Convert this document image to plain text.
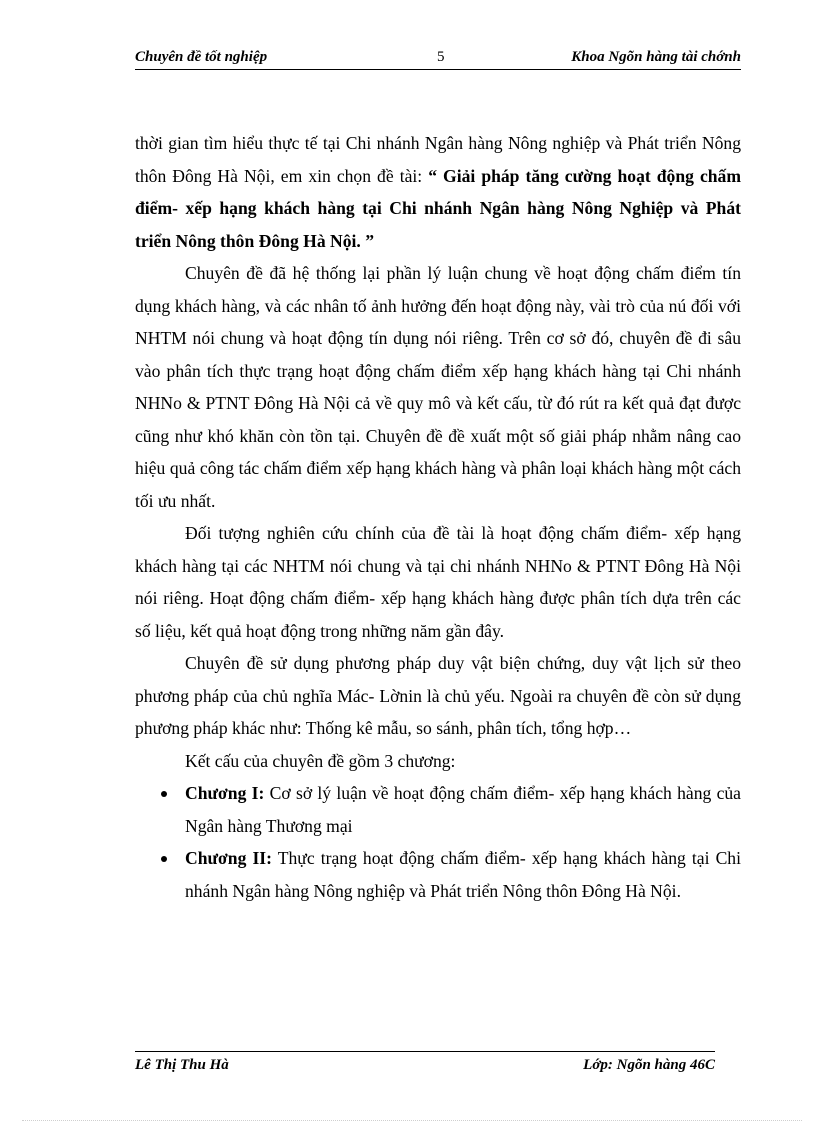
Chuyên đề tốt nghiệp	5	Khoa Ngõn hàng tài chớnh

thời gian tìm hiểu thực tế tại Chi nhánh Ngân hàng Nông nghiệp và Phát triển Nông thôn Đông Hà Nội, em xin chọn đề tài: “ Giải pháp tăng cường hoạt động chấm điểm- xếp hạng khách hàng tại Chi nhánh Ngân hàng Nông Nghiệp và Phát triển Nông thôn Đông Hà Nội. ”

Chuyên đề đã hệ thống lại phần lý luận chung về hoạt động chấm điểm tín dụng khách hàng, và các nhân tố ảnh hưởng đến hoạt động này, vài trò của nú đối với NHTM nói chung và hoạt động tín dụng nói riêng. Trên cơ sở đó, chuyên đề đi sâu vào phân tích thực trạng hoạt động chấm điểm xếp hạng khách hàng tại Chi nhánh NHNo & PTNT Đông Hà Nội cả về quy mô và kết cấu, từ đó rút ra kết quả đạt được cũng như khó khăn còn tồn tại. Chuyên đề đề xuất một số giải pháp nhằm nâng cao hiệu quả công tác chấm điểm xếp hạng khách hàng và phân loại khách hàng một cách tối ưu nhất.

Đối tượng nghiên cứu chính của đề tài là hoạt động chấm điểm- xếp hạng khách hàng tại các NHTM nói chung và tại chi nhánh NHNo & PTNT Đông Hà Nội nói riêng. Hoạt động chấm điểm- xếp hạng khách hàng được phân tích dựa trên các số liệu, kết quả hoạt động trong những năm gần đây.

Chuyên đề sử dụng phương pháp duy vật biện chứng, duy vật lịch sử theo phương pháp của chủ nghĩa Mác- Lờnin là chủ yếu. Ngoài ra chuyên đề còn sử dụng phương pháp khác như: Thống kê mẫu, so sánh, phân tích, tổng hợp…

Kết cấu của chuyên đề gồm 3 chương:

Chương I: Cơ sở lý luận về hoạt động chấm điểm- xếp hạng khách hàng của Ngân hàng Thương mại
Chương II: Thực trạng hoạt động chấm điểm- xếp hạng khách hàng tại Chi nhánh Ngân hàng Nông nghiệp và Phát triển Nông thôn Đông Hà Nội.
Lê Thị Thu Hà	Lớp: Ngõn hàng 46C
